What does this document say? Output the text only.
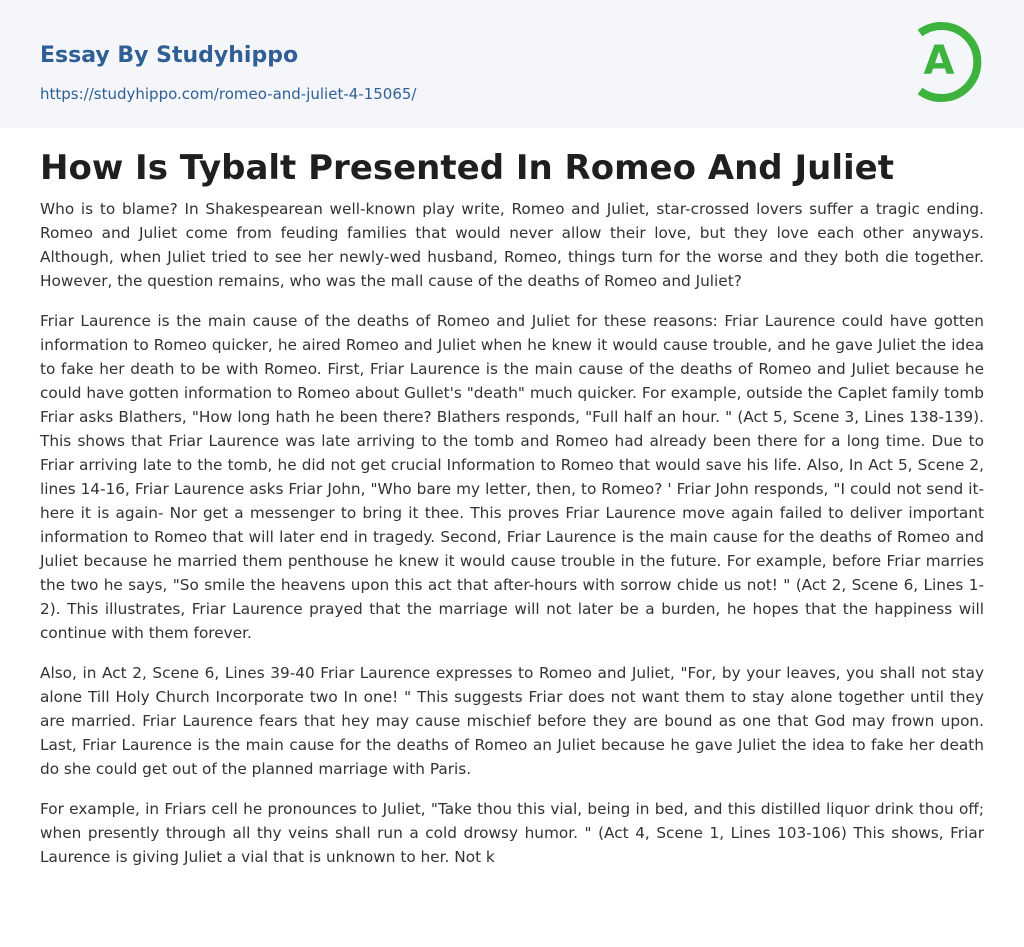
Essay By Studyhippo
https://studyhippo.com/romeo-and-juliet-4-15065/
A
How Is Tybalt Presented In Romeo And Juliet

Who is to blame? In Shakespearean well-known play write, Romeo and Juliet, star-crossed lovers suffer a tragic ending. Romeo and Juliet come from feuding families that would never allow their love, but they love each other anyways. Although, when Juliet tried to see her newly-wed husband, Romeo, things turn for the worse and they both die together. However, the question remains, who was the mall cause of the deaths of Romeo and Juliet?

Friar Laurence is the main cause of the deaths of Romeo and Juliet for these reasons: Friar Laurence could have gotten information to Romeo quicker, he aired Romeo and Juliet when he knew it would cause trouble, and he gave Juliet the idea to fake her death to be with Romeo. First, Friar Laurence is the main cause of the deaths of Romeo and Juliet because he could have gotten information to Romeo about Gullet's "death" much quicker. For example, outside the Caplet family tomb Friar asks Blathers, "How long hath he been there? Blathers responds, "Full half an hour. " (Act 5, Scene 3, Lines 138-139). This shows that Friar Laurence was late arriving to the tomb and Romeo had already been there for a long time. Due to Friar arriving late to the tomb, he did not get crucial Information to Romeo that would save his life. Also, In Act 5, Scene 2, lines 14-16, Friar Laurence asks Friar John, "Who bare my letter, then, to Romeo? ' Friar John responds, "I could not send it-here it is again- Nor get a messenger to bring it thee. This proves Friar Laurence move again failed to deliver important information to Romeo that will later end in tragedy. Second, Friar Laurence is the main cause for the deaths of Romeo and Juliet because he married them penthouse he knew it would cause trouble in the future. For example, before Friar marries the two he says, "So smile the heavens upon this act that after-hours with sorrow chide us not! " (Act 2, Scene 6, Lines 1-2). This illustrates, Friar Laurence prayed that the marriage will not later be a burden, he hopes that the happiness will continue with them forever.

Also, in Act 2, Scene 6, Lines 39-40 Friar Laurence expresses to Romeo and Juliet, "For, by your leaves, you shall not stay alone Till Holy Church Incorporate two In one! " This suggests Friar does not want them to stay alone together until they are married. Friar Laurence fears that hey may cause mischief before they are bound as one that God may frown upon. Last, Friar Laurence is the main cause for the deaths of Romeo an Juliet because he gave Juliet the idea to fake her death do she could get out of the planned marriage with Paris.

For example, in Friars cell he pronounces to Juliet, "Take thou this vial, being in bed, and this distilled liquor drink thou off; when presently through all thy veins shall run a cold drowsy humor. " (Act 4, Scene 1, Lines 103-106) This shows, Friar Laurence is giving Juliet a vial that is unknown to her. Not k
